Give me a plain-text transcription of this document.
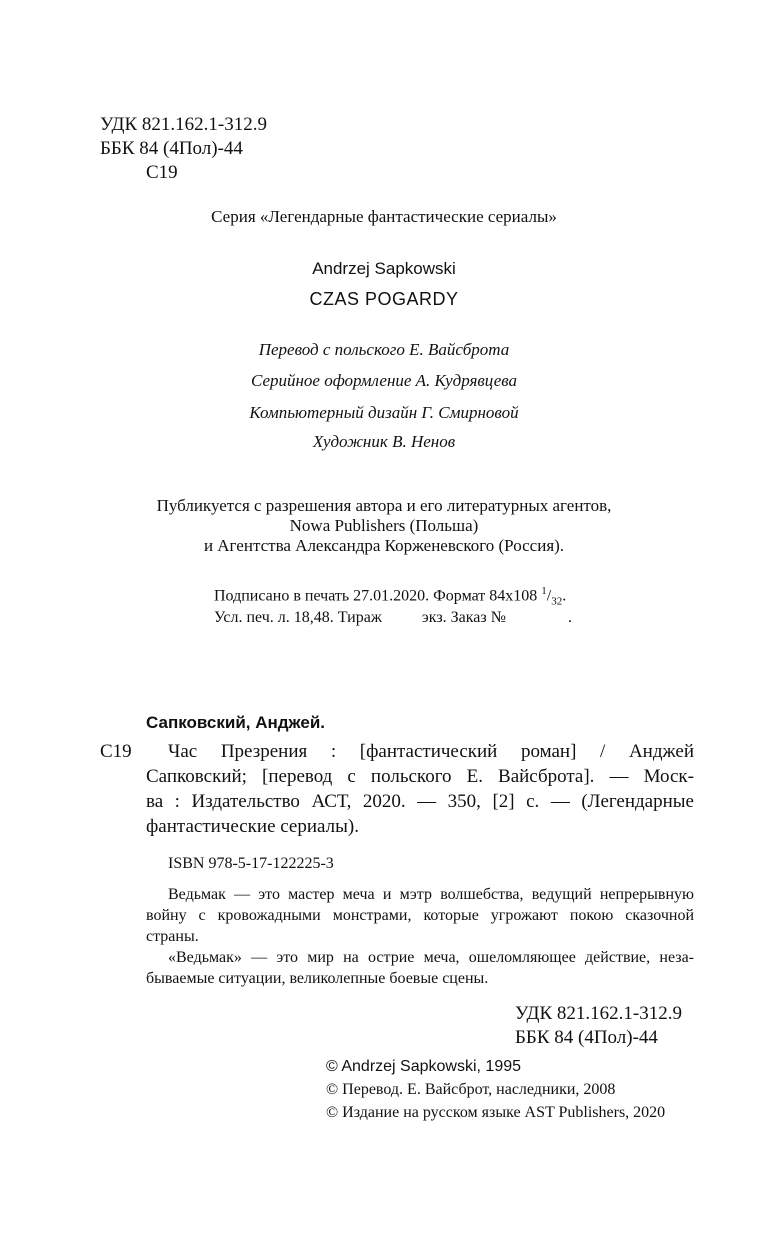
УДК 821.162.1-312.9
ББК 84 (4Пол)-44
С19
Серия «Легендарные фантастические сериалы»
Andrzej Sapkowski
CZAS POGARDY
Перевод с польского Е. Вайсброта
Серийное оформление А. Кудрявцева
Компьютерный дизайн Г. Смирновой
Художник В. Ненов
Публикуется с разрешения автора и его литературных агентов,
Nowa Publishers (Польша)
и Агентства Александра Корженевского (Россия).
Подписано в печать 27.01.2020. Формат 84x108 $^1/_{32}$.
Усл. печ. л. 18,48. Тираж	экз. Заказ №	.
Сапковский, Анджей.
С19 Час Презрения : [фантастический роман] / Анджей
Сапковский; [перевод с польского Е. Вайсброта]. — Моск-
ва : Издательство АСТ, 2020. — 350, [2] с. — (Легендарные
фантастические сериалы).
ISBN 978-5-17-122225-3
Ведьмак — это мастер меча и мэтр волшебства, ведущий непрерывную
войну с кровожадными монстрами, которые угрожают покою сказочной
страны.
«Ведьмак» — это мир на острие меча, ошеломляющее действие, неза-
бываемые ситуации, великолепные боевые сцены.
УДК 821.162.1-312.9
ББК 84 (4Пол)-44
© Andrzej Sapkowski, 1995
© Перевод. Е. Вайсброт, наследники, 2008
© Издание на русском языке AST Publishers, 2020
